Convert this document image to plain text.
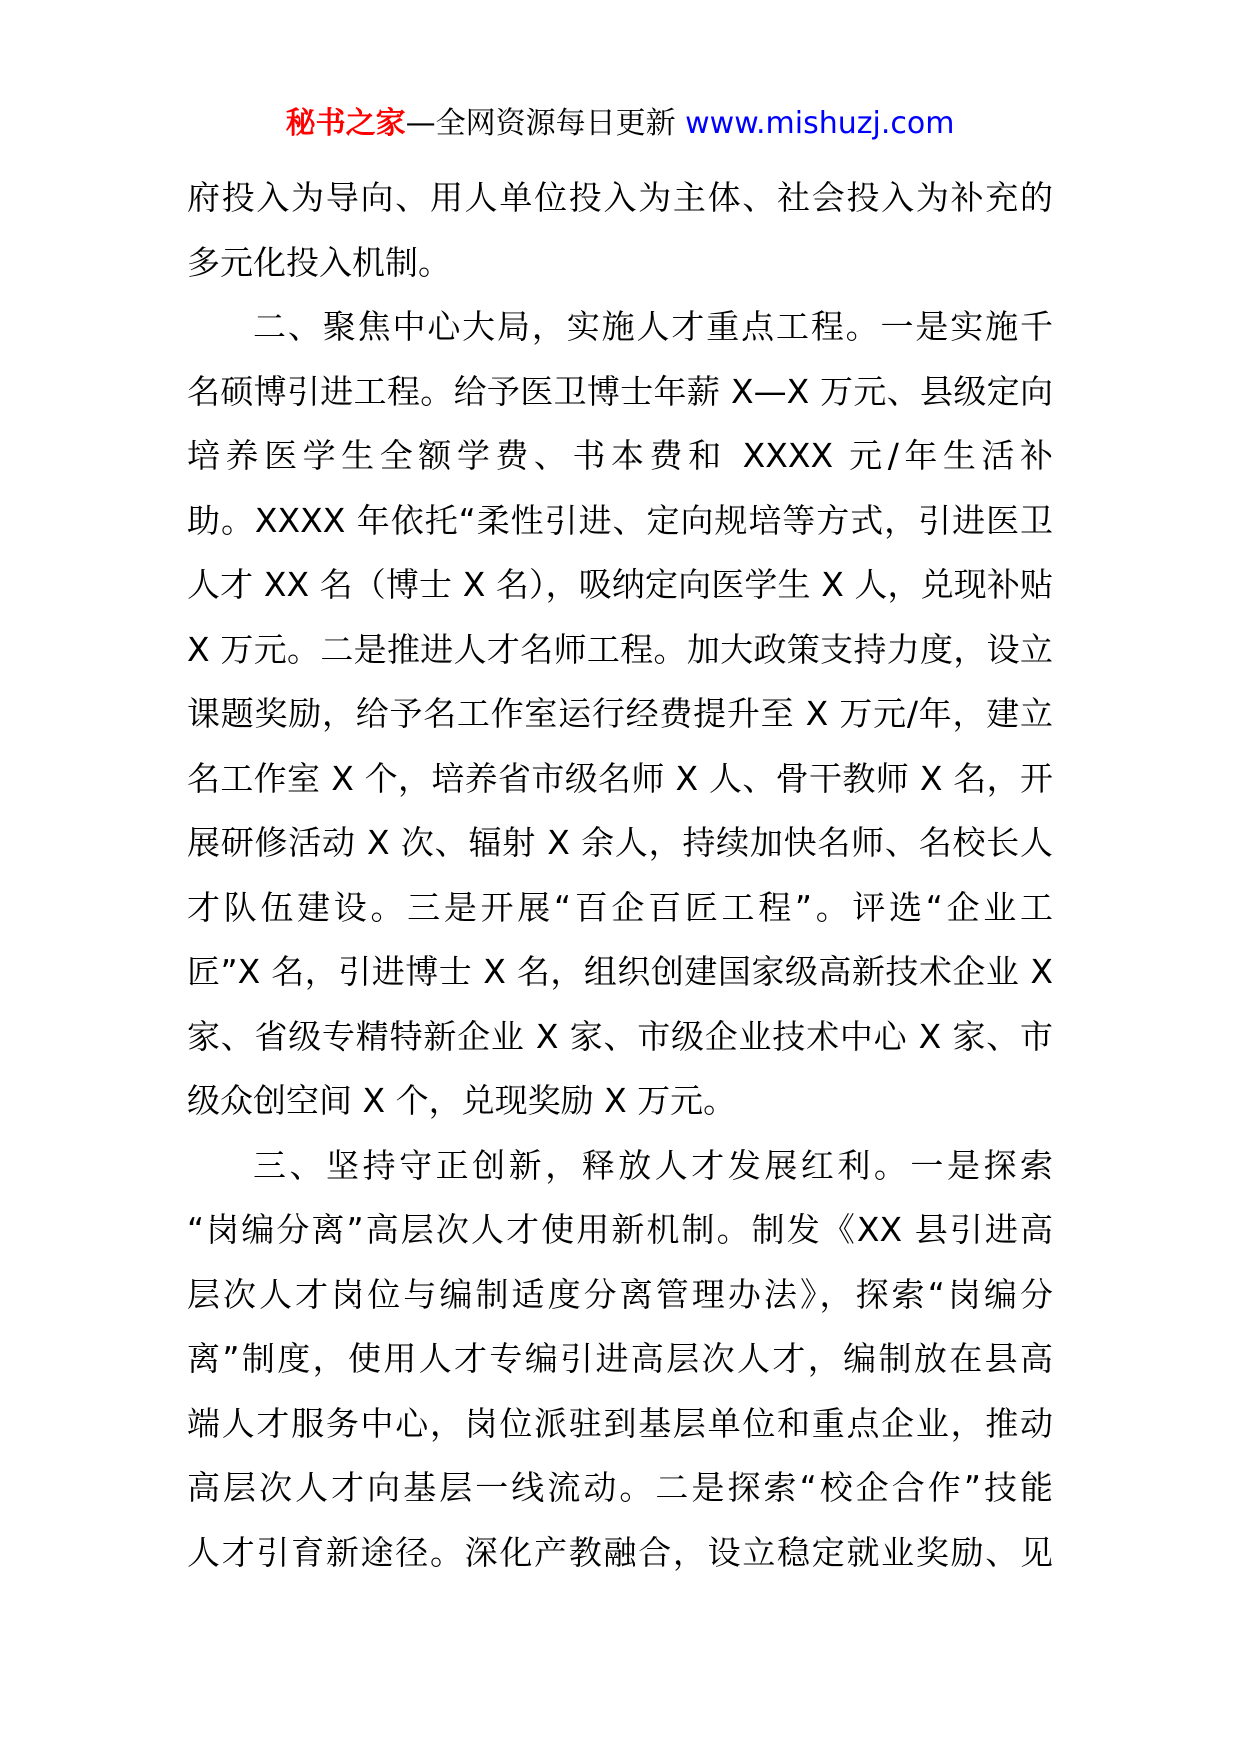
秘书之家—全网资源每日更新 www.mishuzj.com
府投入为导向、用人单位投入为主体、社会投入为补充的
多元化投入机制。
二、聚焦中心大局，实施人才重点工程。一是实施千
名硕博引进工程。给予医卫博士年薪 X—X 万元、县级定向
培养医学生全额学费、书本费和 XXXX 元/年生活补
助。XXXX 年依托“柔性引进、定向规培等方式，引进医卫
人才 XX 名（博士 X 名），吸纳定向医学生 X 人，兑现补贴
X 万元。二是推进人才名师工程。加大政策支持力度，设立
课题奖励，给予名工作室运行经费提升至 X 万元/年，建立
名工作室 X 个，培养省市级名师 X 人、骨干教师 X 名，开
展研修活动 X 次、辐射 X 余人，持续加快名师、名校长人
才队伍建设。三是开展“百企百匠工程”。评选“企业工
匠”X 名，引进博士 X 名，组织创建国家级高新技术企业 X
家、省级专精特新企业 X 家、市级企业技术中心 X 家、市
级众创空间 X 个，兑现奖励 X 万元。
三、坚持守正创新，释放人才发展红利。一是探索
“岗编分离”高层次人才使用新机制。制发《XX 县引进高
层次人才岗位与编制适度分离管理办法》，探索“岗编分
离”制度，使用人才专编引进高层次人才，编制放在县高
端人才服务中心，岗位派驻到基层单位和重点企业，推动
高层次人才向基层一线流动。二是探索“校企合作”技能
人才引育新途径。深化产教融合，设立稳定就业奖励、见
